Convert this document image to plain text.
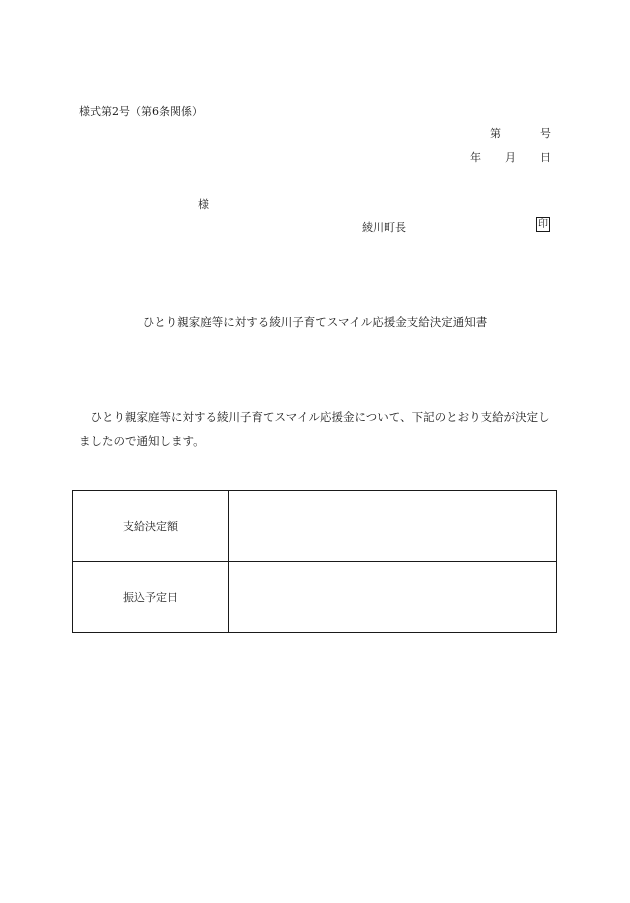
様式第2号（第6条関係）
第	号
年 月 日
様
綾川町長	印
ひとり親家庭等に対する綾川子育てスマイル応援金支給決定通知書
ひとり親家庭等に対する綾川子育てスマイル応援金について、下記のとおり支給が決定しましたので通知します。
支給決定額	
振込予定日	
